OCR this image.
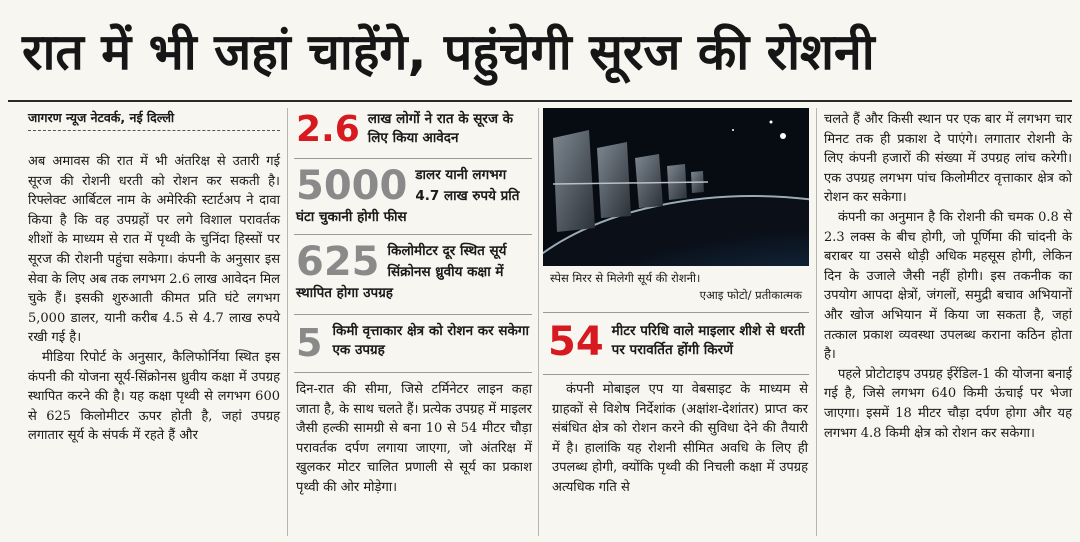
रात में भी जहां चाहेंगे, पहुंचेगी सूरज की रोशनी
जागरण न्यूज नेटवर्क, नई दिल्ली

अब अमावस की रात में भी अंतरिक्ष से उतारी गई सूरज की रोशनी धरती को रोशन कर सकती है। रिफ्लेक्ट आर्बिटल नाम के अमेरिकी स्टार्टअप ने दावा किया है कि वह उपग्रहों पर लगे विशाल परावर्तक शीशों के माध्यम से रात में पृथ्वी के चुनिंदा हिस्सों पर सूरज की रोशनी पहुंचा सकेगा। कंपनी के अनुसार इस सेवा के लिए अब तक लगभग 2.6 लाख आवेदन मिल चुके हैं। इसकी शुरुआती कीमत प्रति घंटे लगभग 5,000 डालर, यानी करीब 4.5 से 4.7 लाख रुपये रखी गई है।

मीडिया रिपोर्ट के अनुसार, कैलिफोर्निया स्थित इस कंपनी की योजना सूर्य-सिंक्रोनस ध्रुवीय कक्षा में उपग्रह स्थापित करने की है। यह कक्षा पृथ्वी से लगभग 600 से 625 किलोमीटर ऊपर होती है, जहां उपग्रह लगातार सूर्य के संपर्क में रहते हैं और

2.6 लाख लोगों ने रात के सूरज के लिए किया आवेदन
5000 डालर यानी लगभग 4.7 लाख रुपये प्रति घंटा चुकानी होगी फीस
625 किलोमीटर दूर स्थित सूर्य सिंक्रोनस ध्रुवीय कक्षा में स्थापित होगा उपग्रह
5 किमी वृत्ताकार क्षेत्र को रोशन कर सकेगा एक उपग्रह

दिन-रात की सीमा, जिसे टर्मिनेटर लाइन कहा जाता है, के साथ चलते हैं। प्रत्येक उपग्रह में माइलर जैसी हल्की सामग्री से बना 10 से 54 मीटर चौड़ा परावर्तक दर्पण लगाया जाएगा, जो अंतरिक्ष में खुलकर मोटर चालित प्रणाली से सूर्य का प्रकाश पृथ्वी की ओर मोड़ेगा।

स्पेस मिरर से मिलेगी सूर्य की रोशनी।
एआइ फोटो/ प्रतीकात्मक
54 मीटर परिधि वाले माइलार शीशे से धरती पर परावर्तित होंगी किरणें

कंपनी मोबाइल एप या वेबसाइट के माध्यम से ग्राहकों से विशेष निर्देशांक (अक्षांश-देशांतर) प्राप्त कर संबंधित क्षेत्र को रोशन करने की सुविधा देने की तैयारी में है। हालांकि यह रोशनी सीमित अवधि के लिए ही उपलब्ध होगी, क्योंकि पृथ्वी की निचली कक्षा में उपग्रह अत्यधिक गति से

चलते हैं और किसी स्थान पर एक बार में लगभग चार मिनट तक ही प्रकाश दे पाएंगे। लगातार रोशनी के लिए कंपनी हजारों की संख्या में उपग्रह लांच करेगी। एक उपग्रह लगभग पांच किलोमीटर वृत्ताकार क्षेत्र को रोशन कर सकेगा।

कंपनी का अनुमान है कि रोशनी की चमक 0.8 से 2.3 लक्स के बीच होगी, जो पूर्णिमा की चांदनी के बराबर या उससे थोड़ी अधिक महसूस होगी, लेकिन दिन के उजाले जैसी नहीं होगी। इस तकनीक का उपयोग आपदा क्षेत्रों, जंगलों, समुद्री बचाव अभियानों और खोज अभियान में किया जा सकता है, जहां तत्काल प्रकाश व्यवस्था उपलब्ध कराना कठिन होता है।

पहले प्रोटोटाइप उपग्रह ईरेंडिल-1 की योजना बनाई गई है, जिसे लगभग 640 किमी ऊंचाई पर भेजा जाएगा। इसमें 18 मीटर चौड़ा दर्पण होगा और यह लगभग 4.8 किमी क्षेत्र को रोशन कर सकेगा।
